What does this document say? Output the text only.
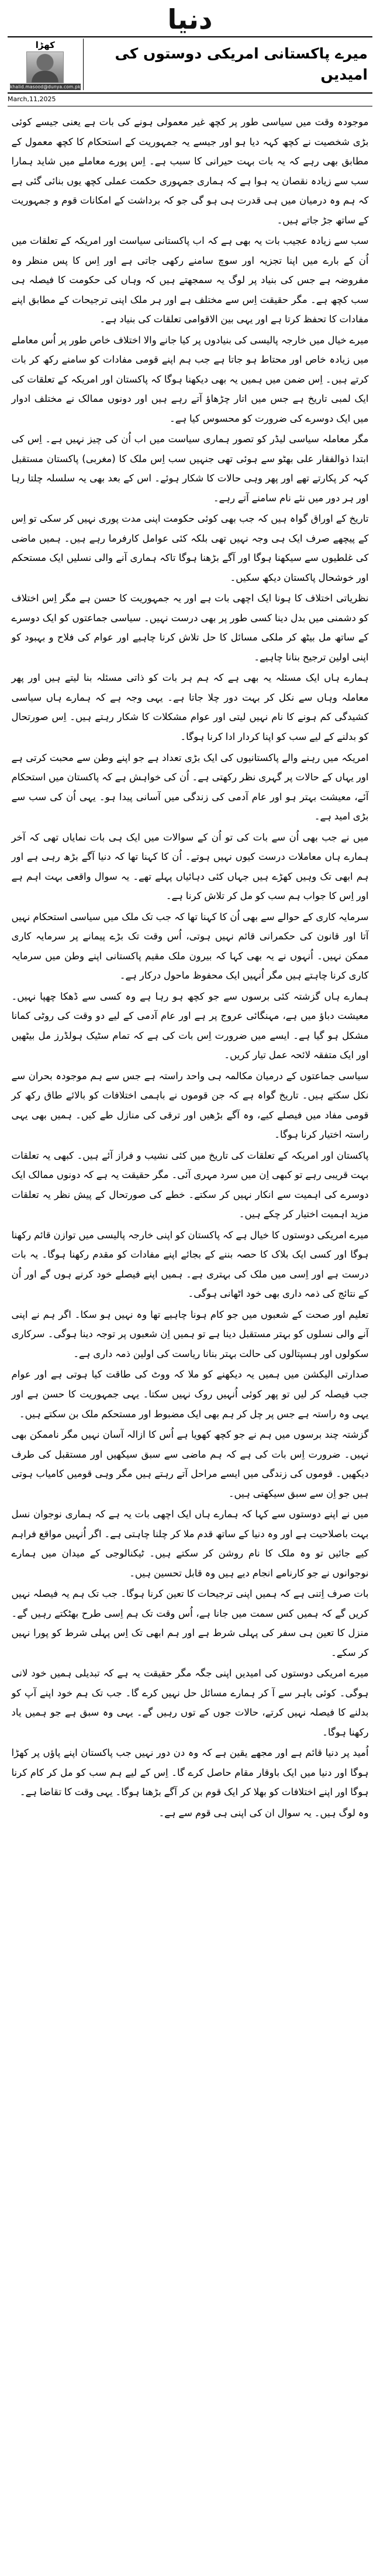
دنیا
میرے پاکستانی امریکی دوستوں کی امیدیں
کھڑا
khalid.masood@dunya.com.pk
March,11,2025

موجودہ وقت میں سیاسی طور پر کچھ غیر معمولی ہونے کی بات ہے یعنی جیسے کوئی بڑی شخصیت نے کچھ کہہ دیا ہو اور جیسے یہ جمہوریت کے استحکام کا کچھ معمول کے مطابق بھی رہے کہ یہ بات بہت حیرانی کا سبب ہے۔ اِس پورے معاملے میں شاید ہمارا سب سے زیادہ نقصان یہ ہوا ہے کہ ہماری جمہوری حکمت عملی کچھ یوں بنائی گئی ہے کہ ہم وہ درمیان میں ہی قدرت ہی ہو گی جو کہ برداشت کے امکانات قوم و جمہوریت کے ساتھ جڑ جاتے ہیں۔

سب سے زیادہ عجیب بات یہ بھی ہے کہ اب پاکستانی سیاست اور امریکہ کے تعلقات میں اُن کے بارے میں اپنا تجزیہ اور سوچ سامنے رکھی جاتی ہے اور اِس کا پس منظر وہ مفروضہ ہے جس کی بنیاد پر لوگ یہ سمجھتے ہیں کہ وہاں کی حکومت کا فیصلہ ہی سب کچھ ہے۔ مگر حقیقت اِس سے مختلف ہے اور ہر ملک اپنی ترجیحات کے مطابق اپنے مفادات کا تحفظ کرتا ہے اور یہی بین الاقوامی تعلقات کی بنیاد ہے۔

میرے خیال میں خارجہ پالیسی کی بنیادوں پر کیا جانے والا اختلاف خاص طور پر اُس معاملے میں زیادہ خاص اور محتاط ہو جاتا ہے جب ہم اپنے قومی مفادات کو سامنے رکھ کر بات کرتے ہیں۔ اِس ضمن میں ہمیں یہ بھی دیکھنا ہوگا کہ پاکستان اور امریکہ کے تعلقات کی ایک لمبی تاریخ ہے جس میں اتار چڑھاؤ آتے رہے ہیں اور دونوں ممالک نے مختلف ادوار میں ایک دوسرے کی ضرورت کو محسوس کیا ہے۔

مگر معاملہ سیاسی لیڈر کو تصور ہماری سیاست میں اب اُن کی چیز نہیں ہے۔ اِس کی ابتدا ذوالفقار علی بھٹو سے ہوئی تھی جنہیں سب اِس ملک کا (مغربی) پاکستان مستقبل کہہ کر پکارتے تھے اور پھر وہی حالات کا شکار ہوئے۔ اس کے بعد بھی یہ سلسلہ چلتا رہا اور ہر دور میں نئے نام سامنے آتے رہے۔

تاریخ کے اوراق گواہ ہیں کہ جب بھی کوئی حکومت اپنی مدت پوری نہیں کر سکی تو اِس کے پیچھے صرف ایک ہی وجہ نہیں تھی بلکہ کئی عوامل کارفرما رہے ہیں۔ ہمیں ماضی کی غلطیوں سے سیکھنا ہوگا اور آگے بڑھنا ہوگا تاکہ ہماری آنے والی نسلیں ایک مستحکم اور خوشحال پاکستان دیکھ سکیں۔

نظریاتی اختلاف کا ہونا ایک اچھی بات ہے اور یہ جمہوریت کا حسن ہے مگر اِس اختلاف کو دشمنی میں بدل دینا کسی طور پر بھی درست نہیں۔ سیاسی جماعتوں کو ایک دوسرے کے ساتھ مل بیٹھ کر ملکی مسائل کا حل تلاش کرنا چاہیے اور عوام کی فلاح و بہبود کو اپنی اولین ترجیح بنانا چاہیے۔

ہمارے ہاں ایک مسئلہ یہ بھی ہے کہ ہم ہر بات کو ذاتی مسئلہ بنا لیتے ہیں اور پھر معاملہ وہاں سے نکل کر بہت دور چلا جاتا ہے۔ یہی وجہ ہے کہ ہمارے ہاں سیاسی کشیدگی کم ہونے کا نام نہیں لیتی اور عوام مشکلات کا شکار رہتے ہیں۔ اِس صورتحال کو بدلنے کے لیے سب کو اپنا کردار ادا کرنا ہوگا۔

امریکہ میں رہنے والے پاکستانیوں کی ایک بڑی تعداد ہے جو اپنے وطن سے محبت کرتی ہے اور یہاں کے حالات پر گہری نظر رکھتی ہے۔ اُن کی خواہش ہے کہ پاکستان میں استحکام آئے، معیشت بہتر ہو اور عام آدمی کی زندگی میں آسانی پیدا ہو۔ یہی اُن کی سب سے بڑی امید ہے۔

میں نے جب بھی اُن سے بات کی تو اُن کے سوالات میں ایک ہی بات نمایاں تھی کہ آخر ہمارے ہاں معاملات درست کیوں نہیں ہوتے۔ اُن کا کہنا تھا کہ دنیا آگے بڑھ رہی ہے اور ہم ابھی تک وہیں کھڑے ہیں جہاں کئی دہائیاں پہلے تھے۔ یہ سوال واقعی بہت اہم ہے اور اِس کا جواب ہم سب کو مل کر تلاش کرنا ہے۔

سرمایہ کاری کے حوالے سے بھی اُن کا کہنا تھا کہ جب تک ملک میں سیاسی استحکام نہیں آتا اور قانون کی حکمرانی قائم نہیں ہوتی، اُس وقت تک بڑے پیمانے پر سرمایہ کاری ممکن نہیں۔ اُنہوں نے یہ بھی کہا کہ بیرون ملک مقیم پاکستانی اپنے وطن میں سرمایہ کاری کرنا چاہتے ہیں مگر اُنہیں ایک محفوظ ماحول درکار ہے۔

ہمارے ہاں گزشتہ کئی برسوں سے جو کچھ ہو رہا ہے وہ کسی سے ڈھکا چھپا نہیں۔ معیشت دباؤ میں ہے، مہنگائی عروج پر ہے اور عام آدمی کے لیے دو وقت کی روٹی کمانا مشکل ہو گیا ہے۔ ایسے میں ضرورت اِس بات کی ہے کہ تمام سٹیک ہولڈرز مل بیٹھیں اور ایک متفقہ لائحہ عمل تیار کریں۔

سیاسی جماعتوں کے درمیان مکالمہ ہی واحد راستہ ہے جس سے ہم موجودہ بحران سے نکل سکتے ہیں۔ تاریخ گواہ ہے کہ جن قوموں نے باہمی اختلافات کو بالائے طاق رکھ کر قومی مفاد میں فیصلے کیے، وہ آگے بڑھیں اور ترقی کی منازل طے کیں۔ ہمیں بھی یہی راستہ اختیار کرنا ہوگا۔

پاکستان اور امریکہ کے تعلقات کی تاریخ میں کئی نشیب و فراز آئے ہیں۔ کبھی یہ تعلقات بہت قریبی رہے تو کبھی اِن میں سرد مہری آئی۔ مگر حقیقت یہ ہے کہ دونوں ممالک ایک دوسرے کی اہمیت سے انکار نہیں کر سکتے۔ خطے کی صورتحال کے پیش نظر یہ تعلقات مزید اہمیت اختیار کر چکے ہیں۔

میرے امریکی دوستوں کا خیال ہے کہ پاکستان کو اپنی خارجہ پالیسی میں توازن قائم رکھنا ہوگا اور کسی ایک بلاک کا حصہ بننے کے بجائے اپنے مفادات کو مقدم رکھنا ہوگا۔ یہ بات درست ہے اور اِسی میں ملک کی بہتری ہے۔ ہمیں اپنے فیصلے خود کرنے ہوں گے اور اُن کے نتائج کی ذمہ داری بھی خود اٹھانی ہوگی۔

تعلیم اور صحت کے شعبوں میں جو کام ہونا چاہیے تھا وہ نہیں ہو سکا۔ اگر ہم نے اپنی آنے والی نسلوں کو بہتر مستقبل دینا ہے تو ہمیں اِن شعبوں پر توجہ دینا ہوگی۔ سرکاری سکولوں اور ہسپتالوں کی حالت بہتر بنانا ریاست کی اولین ذمہ داری ہے۔

صدارتی الیکشن میں ہمیں یہ دیکھنے کو ملا کہ ووٹ کی طاقت کیا ہوتی ہے اور عوام جب فیصلہ کر لیں تو پھر کوئی اُنہیں روک نہیں سکتا۔ یہی جمہوریت کا حسن ہے اور یہی وہ راستہ ہے جس پر چل کر ہم بھی ایک مضبوط اور مستحکم ملک بن سکتے ہیں۔

گزشتہ چند برسوں میں ہم نے جو کچھ کھویا ہے اُس کا ازالہ آسان نہیں مگر ناممکن بھی نہیں۔ ضرورت اِس بات کی ہے کہ ہم ماضی سے سبق سیکھیں اور مستقبل کی طرف دیکھیں۔ قوموں کی زندگی میں ایسے مراحل آتے رہتے ہیں مگر وہی قومیں کامیاب ہوتی ہیں جو اِن سے سبق سیکھتی ہیں۔

میں نے اپنے دوستوں سے کہا کہ ہمارے ہاں ایک اچھی بات یہ ہے کہ ہماری نوجوان نسل بہت باصلاحیت ہے اور وہ دنیا کے ساتھ قدم ملا کر چلنا چاہتی ہے۔ اگر اُنہیں مواقع فراہم کیے جائیں تو وہ ملک کا نام روشن کر سکتے ہیں۔ ٹیکنالوجی کے میدان میں ہمارے نوجوانوں نے جو کارنامے انجام دیے ہیں وہ قابل تحسین ہیں۔

بات صرف اِتنی ہے کہ ہمیں اپنی ترجیحات کا تعین کرنا ہوگا۔ جب تک ہم یہ فیصلہ نہیں کریں گے کہ ہمیں کس سمت میں جانا ہے، اُس وقت تک ہم اِسی طرح بھٹکتے رہیں گے۔ منزل کا تعین ہی سفر کی پہلی شرط ہے اور ہم ابھی تک اِس پہلی شرط کو پورا نہیں کر سکے۔

میرے امریکی دوستوں کی امیدیں اپنی جگہ مگر حقیقت یہ ہے کہ تبدیلی ہمیں خود لانی ہوگی۔ کوئی باہر سے آ کر ہمارے مسائل حل نہیں کرے گا۔ جب تک ہم خود اپنے آپ کو بدلنے کا فیصلہ نہیں کرتے، حالات جوں کے توں رہیں گے۔ یہی وہ سبق ہے جو ہمیں یاد رکھنا ہوگا۔

اُمید پر دنیا قائم ہے اور مجھے یقین ہے کہ وہ دن دور نہیں جب پاکستان اپنے پاؤں پر کھڑا ہوگا اور دنیا میں ایک باوقار مقام حاصل کرے گا۔ اِس کے لیے ہم سب کو مل کر کام کرنا ہوگا اور اپنے اختلافات کو بھلا کر ایک قوم بن کر آگے بڑھنا ہوگا۔ یہی وقت کا تقاضا ہے۔

وہ لوگ ہیں۔ یہ سوال ان کی اپنی ہی قوم سے ہے۔
